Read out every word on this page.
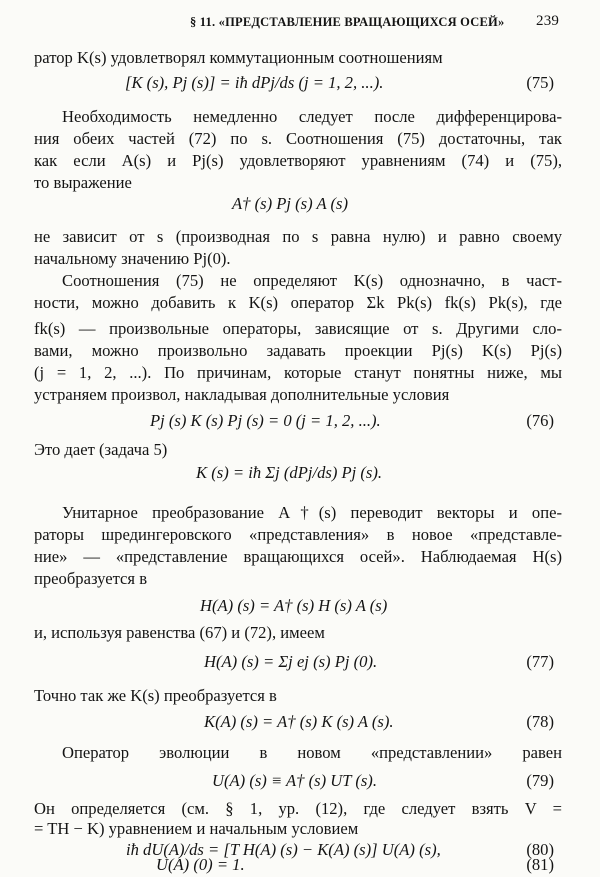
§ 11. «ПРЕДСТАВЛЕНИЕ ВРАЩАЮЩИХСЯ ОСЕЙ» 239
ратор K(s) удовлетворял коммутационным соотношениям
[K (s), Pj (s)] = iħ dPj/ds (j = 1, 2, ...).	(75)
Необходимость немедленно следует после дифференцирова-
ния обеих частей (72) по s. Соотношения (75) достаточны, так
как если A(s) и Pj(s) удовлетворяют уравнениям (74) и (75),
то выражение
A† (s) Pj (s) A (s)
не зависит от s (производная по s равна нулю) и равно своему
начальному значению Pj(0).
Соотношения (75) не определяют K(s) однозначно, в част-
ности, можно добавить к K(s) оператор Σk Pk(s) fk(s) Pk(s), где
fk(s) — произвольные операторы, зависящие от s. Другими сло-
вами, можно произвольно задавать проекции Pj(s) K(s) Pj(s)
(j = 1, 2, ...). По причинам, которые станут понятны ниже, мы
устраняем произвол, накладывая дополнительные условия
Pj (s) K (s) Pj (s) = 0 (j = 1, 2, ...).	(76)
Это дает (задача 5)
K (s) = iħ Σj (dPj/ds) Pj (s).
Унитарное преобразование A†(s) переводит векторы и опе-
раторы шредингеровского «представления» в новое «представле-
ние» — «представление вращающихся осей». Наблюдаемая H(s)
преобразуется в
H(A) (s) = A† (s) H (s) A (s)
и, используя равенства (67) и (72), имеем
H(A) (s) = Σj ej (s) Pj (0).	(77)
Точно так же K(s) преобразуется в
K(A) (s) = A† (s) K (s) A (s).	(78)
Оператор эволюции в новом «представлении» равен
U(A) (s) ≡ A† (s) UT (s).	(79)
Он определяется (см. § 1, ур. (12), где следует взять V =
= TH − K) уравнением и начальным условием
iħ dU(A)/ds = [T H(A) (s) − K(A) (s)] U(A) (s),	(80)
U(A) (0) = 1.	(81)
